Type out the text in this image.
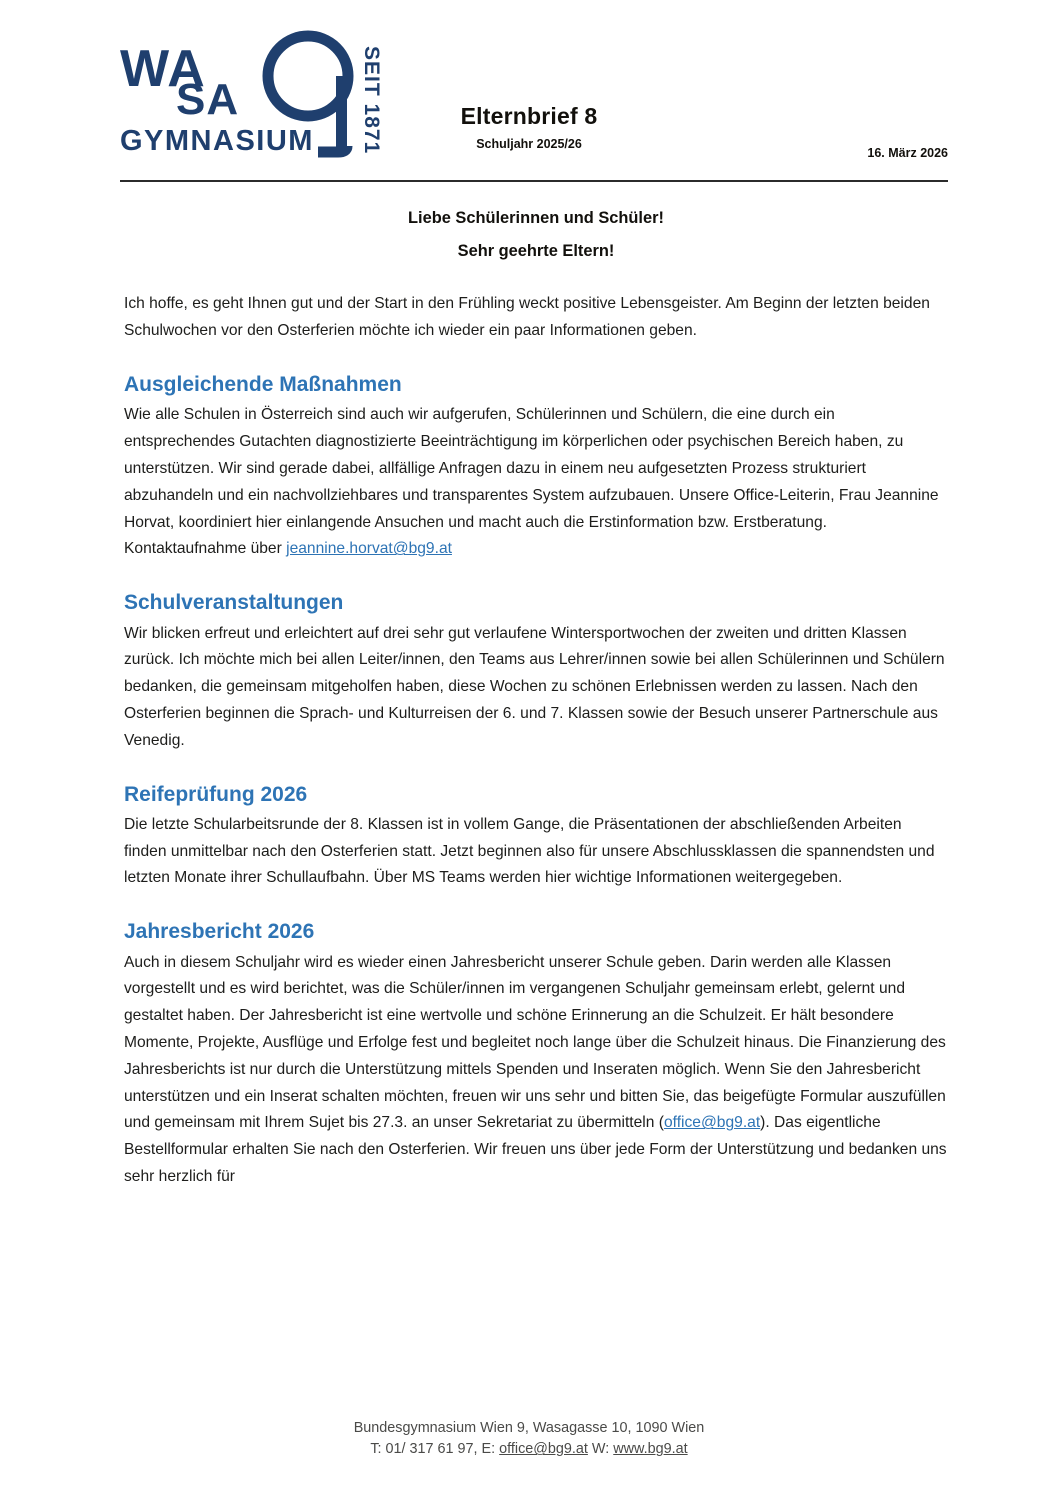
WA
SA
GYMNASIUM SEIT 1871	Elternbrief 8
Schuljahr 2025/26
16. März 2026
Liebe Schülerinnen und Schüler!
Sehr geehrte Eltern!

Ich hoffe, es geht Ihnen gut und der Start in den Frühling weckt positive Lebensgeister. Am Beginn der letzten beiden Schulwochen vor den Osterferien möchte ich wieder ein paar Informationen geben.

Ausgleichende Maßnahmen

Wie alle Schulen in Österreich sind auch wir aufgerufen, Schülerinnen und Schülern, die eine durch ein entsprechendes Gutachten diagnostizierte Beeinträchtigung im körperlichen oder psychischen Bereich haben, zu unterstützen. Wir sind gerade dabei, allfällige Anfragen dazu in einem neu aufgesetzten Prozess strukturiert abzuhandeln und ein nachvollziehbares und transparentes System aufzubauen. Unsere Office-Leiterin, Frau Jeannine Horvat, koordiniert hier einlangende Ansuchen und macht auch die Erstinformation bzw. Erstberatung. Kontaktaufnahme über jeannine.horvat@bg9.at

Schulveranstaltungen

Wir blicken erfreut und erleichtert auf drei sehr gut verlaufene Wintersportwochen der zweiten und dritten Klassen zurück. Ich möchte mich bei allen Leiter/innen, den Teams aus Lehrer/innen sowie bei allen Schülerinnen und Schülern bedanken, die gemeinsam mitgeholfen haben, diese Wochen zu schönen Erlebnissen werden zu lassen. Nach den Osterferien beginnen die Sprach- und Kulturreisen der 6. und 7. Klassen sowie der Besuch unserer Partnerschule aus Venedig.

Reifeprüfung 2026

Die letzte Schularbeitsrunde der 8. Klassen ist in vollem Gange, die Präsentationen der abschließenden Arbeiten finden unmittelbar nach den Osterferien statt. Jetzt beginnen also für unsere Abschlussklassen die spannendsten und letzten Monate ihrer Schullaufbahn. Über MS Teams werden hier wichtige Informationen weitergegeben.

Jahresbericht 2026

Auch in diesem Schuljahr wird es wieder einen Jahresbericht unserer Schule geben. Darin werden alle Klassen vorgestellt und es wird berichtet, was die Schüler/innen im vergangenen Schuljahr gemeinsam erlebt, gelernt und gestaltet haben. Der Jahresbericht ist eine wertvolle und schöne Erinnerung an die Schulzeit. Er hält besondere Momente, Projekte, Ausflüge und Erfolge fest und begleitet noch lange über die Schulzeit hinaus. Die Finanzierung des Jahresberichts ist nur durch die Unterstützung mittels Spenden und Inseraten möglich. Wenn Sie den Jahresbericht unterstützen und ein Inserat schalten möchten, freuen wir uns sehr und bitten Sie, das beigefügte Formular auszufüllen und gemeinsam mit Ihrem Sujet bis 27.3. an unser Sekretariat zu übermitteln (office@bg9.at). Das eigentliche Bestellformular erhalten Sie nach den Osterferien. Wir freuen uns über jede Form der Unterstützung und bedanken uns sehr herzlich für

Bundesgymnasium Wien 9, Wasagasse 10, 1090 Wien
T: 01/ 317 61 97, E: office@bg9.at W: www.bg9.at
